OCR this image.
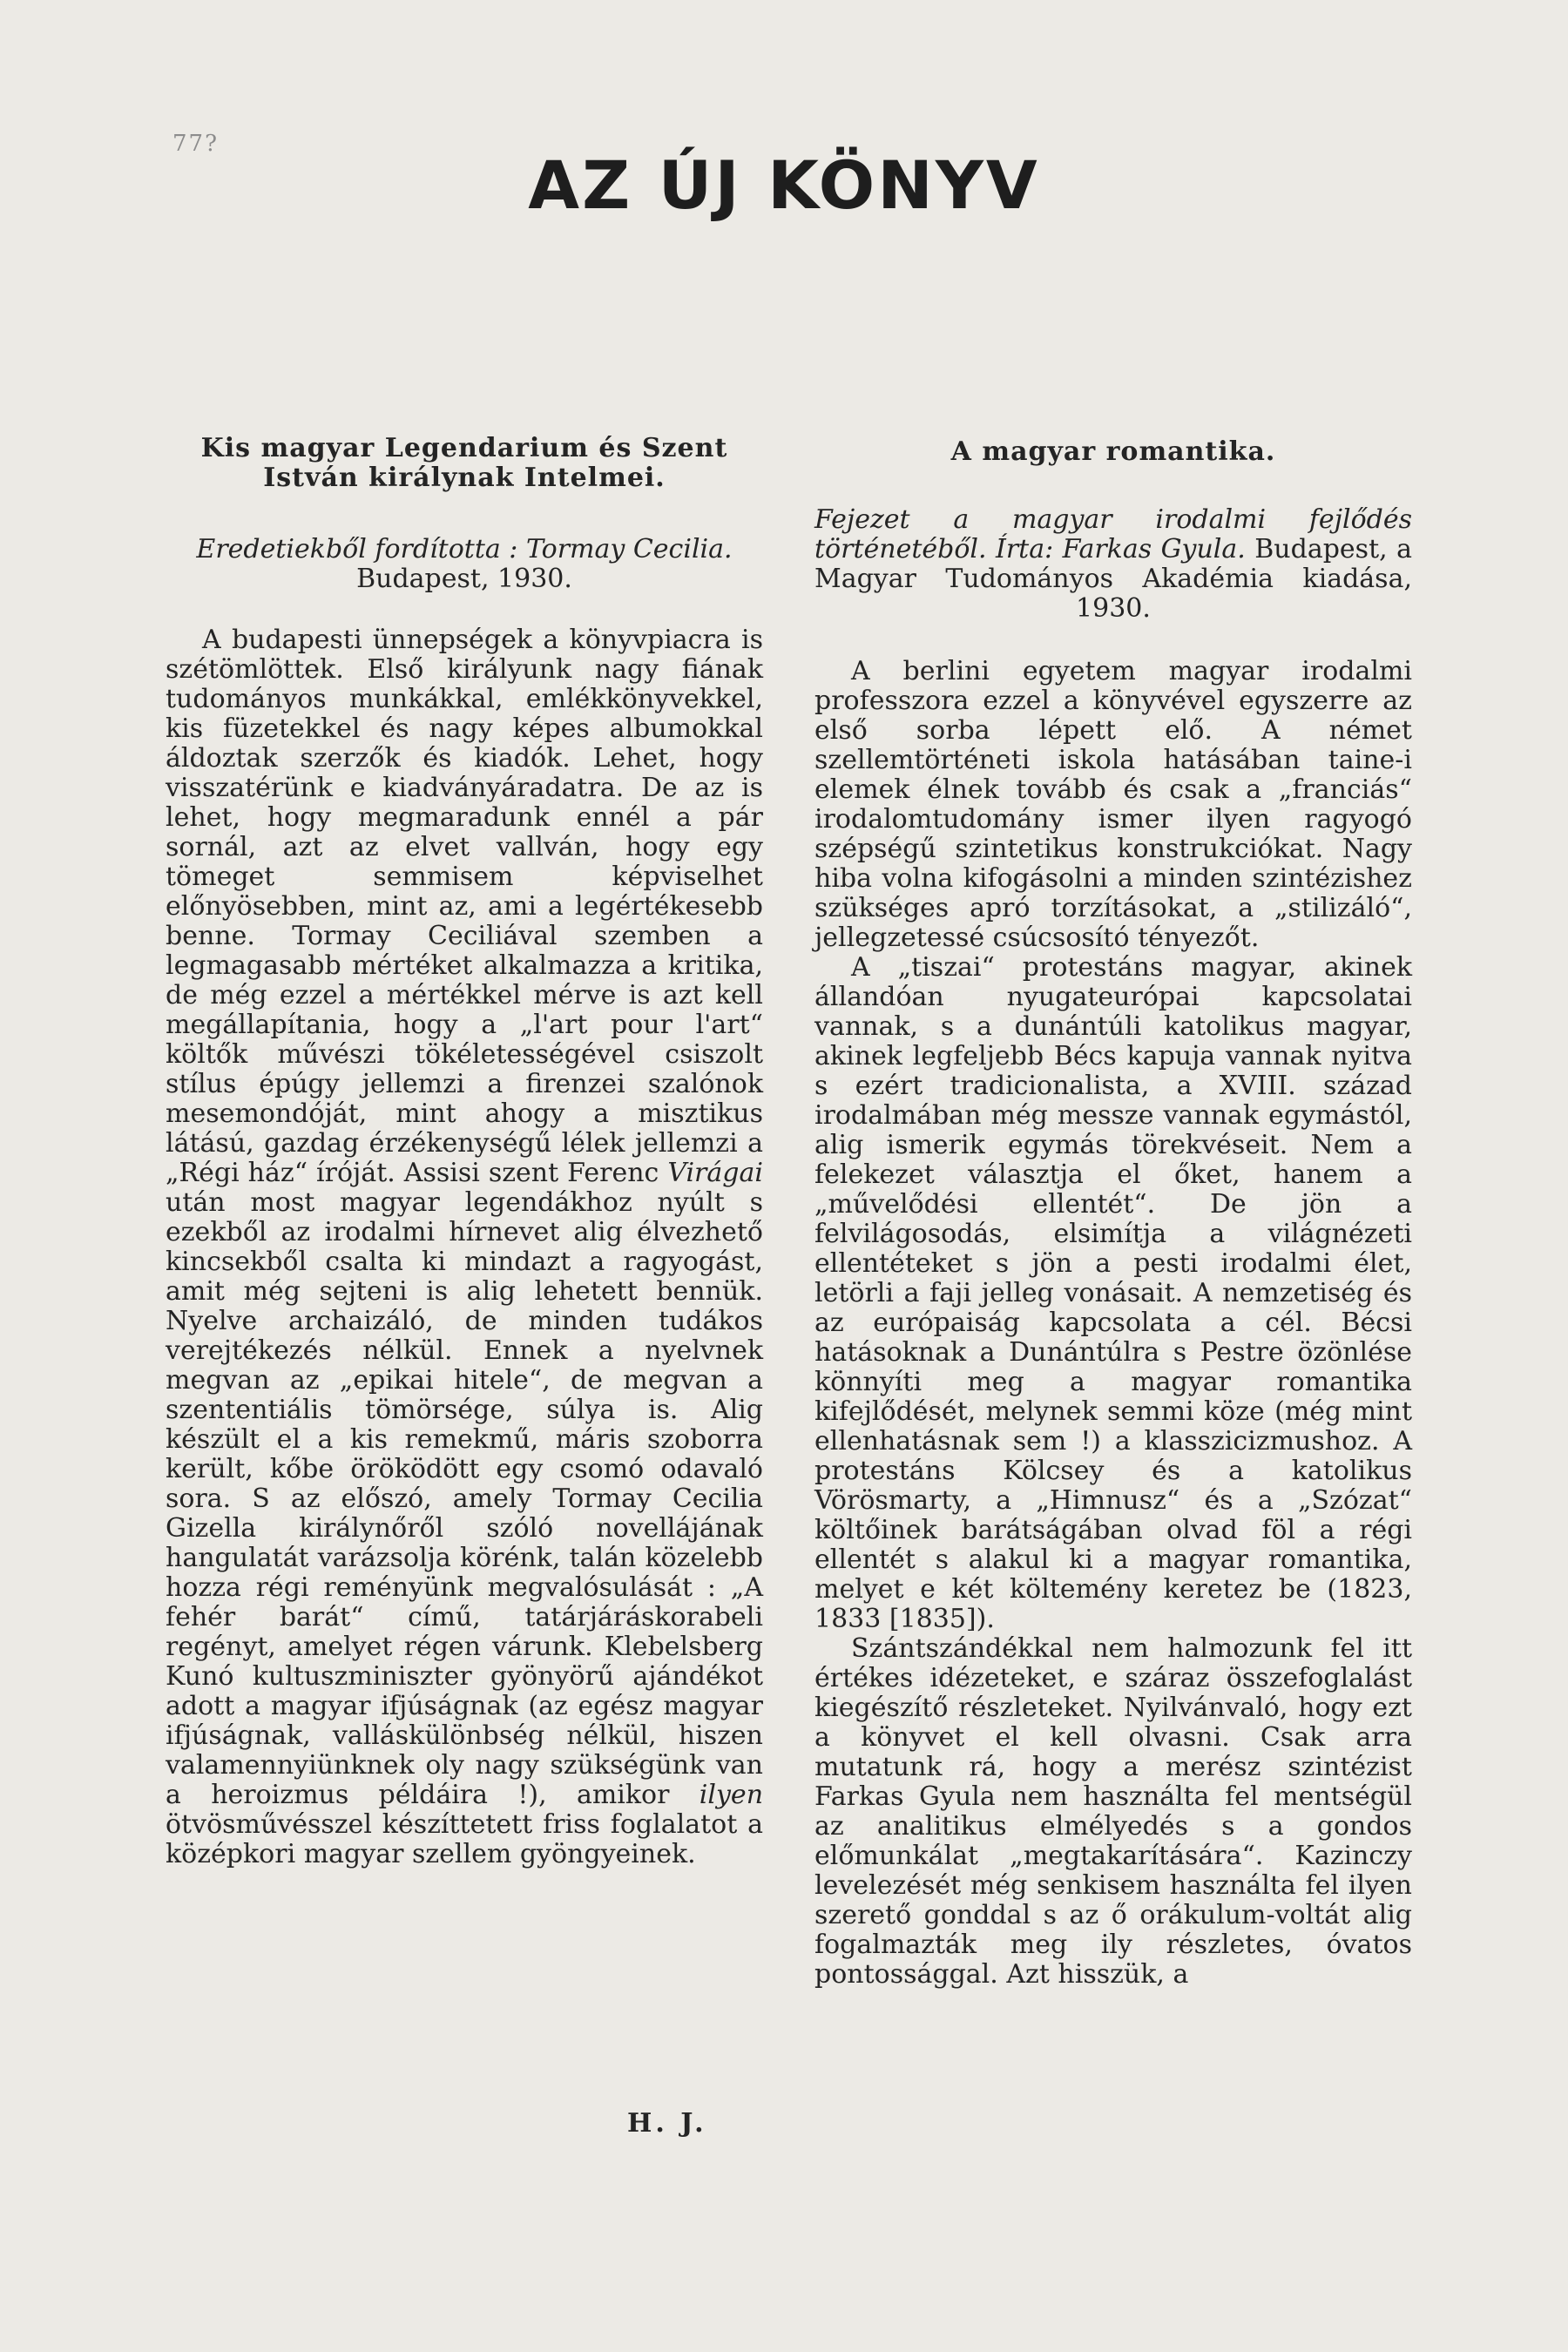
77?
AZ ÚJ KÖNYV
Kis magyar Legendarium és Szent
István királynak Intelmei.
Eredetiekből fordította : Tormay Cecilia.
Budapest, 1930.

A budapesti ünnepségek a könyvpiacra is szétömlöttek. Első királyunk nagy fiának tudományos munkákkal, emlékkönyvekkel, kis füzetekkel és nagy képes albumokkal áldoztak szerzők és kiadók. Lehet, hogy visszatérünk e kiadványáradatra. De az is lehet, hogy megmaradunk ennél a pár sornál, azt az elvet vallván, hogy egy tömeget semmisem képviselhet előnyösebben, mint az, ami a legértékesebb benne. Tormay Ceciliával szemben a legmagasabb mértéket alkalmazza a kritika, de még ezzel a mértékkel mérve is azt kell megállapítania, hogy a „l'art pour l'art“ költők művészi tökéletességével csiszolt stílus épúgy jellemzi a firenzei szalónok mesemondóját, mint ahogy a misztikus látású, gazdag érzékenységű lélek jellemzi a „Régi ház“ íróját. Assisi szent Ferenc Virágai után most magyar legendákhoz nyúlt s ezekből az irodalmi hírnevet alig élvezhető kincsekből csalta ki mindazt a ragyogást, amit még sejteni is alig lehetett bennük. Nyelve archaizáló, de minden tudákos verejtékezés nélkül. Ennek a nyelvnek megvan az „epikai hitele“, de megvan a szententiális tömörsége, súlya is. Alig készült el a kis remekmű, máris szoborra került, kőbe öröködött egy csomó odavaló sora. S az előszó, amely Tormay Cecilia Gizella királynőről szóló novellájának hangulatát varázsolja körénk, talán közelebb hozza régi reményünk megvalósulását : „A fehér barát“ című, tatárjáráskorabeli regényt, amelyet régen várunk. Klebelsberg Kunó kultuszminiszter gyönyörű ajándékot adott a magyar ifjúságnak (az egész magyar ifjúságnak, valláskülönbség nélkül, hiszen valamennyiünknek oly nagy szükségünk van a heroizmus példáira !), amikor ilyen ötvösművésszel készíttetett friss foglalatot a középkori magyar szellem gyöngyeinek.

H. J.
A magyar romantika.
Fejezet a magyar irodalmi fejlődés történetéből. Írta: Farkas Gyula. Budapest, a Magyar Tudományos Akadémia kiadása, 1930.

A berlini egyetem magyar irodalmi professzora ezzel a könyvével egyszerre az első sorba lépett elő. A német szellemtörténeti iskola hatásában taine-i elemek élnek tovább és csak a „franciás“ irodalomtudomány ismer ilyen ragyogó szépségű szintetikus konstrukciókat. Nagy hiba volna kifogásolni a minden szintézishez szükséges apró torzításokat, a „stilizáló“, jellegzetessé csúcsosító tényezőt.

A „tiszai“ protestáns magyar, akinek állandóan nyugateurópai kapcsolatai vannak, s a dunántúli katolikus magyar, akinek legfeljebb Bécs kapuja vannak nyitva s ezért tradicionalista, a XVIII. század irodalmában még messze vannak egymástól, alig ismerik egymás törekvéseit. Nem a felekezet választja el őket, hanem a „művelődési ellentét“. De jön a felvilágosodás, elsimítja a világnézeti ellentéteket s jön a pesti irodalmi élet, letörli a faji jelleg vonásait. A nemzetiség és az európaiság kapcsolata a cél. Bécsi hatásoknak a Dunántúlra s Pestre özönlése könnyíti meg a magyar romantika kifejlődését, melynek semmi köze (még mint ellenhatásnak sem !) a klasszicizmushoz. A protestáns Kölcsey és a katolikus Vörösmarty, a „Himnusz“ és a „Szózat“ költőinek barátságában olvad föl a régi ellentét s alakul ki a magyar romantika, melyet e két költemény keretez be (1823, 1833 [1835]).

Szántszándékkal nem halmozunk fel itt értékes idézeteket, e száraz összefoglalást kiegészítő részleteket. Nyilvánvaló, hogy ezt a könyvet el kell olvasni. Csak arra mutatunk rá, hogy a merész szintézist Farkas Gyula nem használta fel mentségül az analitikus elmélyedés s a gondos előmunkálat „megtakarítására“. Kazinczy levelezését még senkisem használta fel ilyen szerető gonddal s az ő orákulum-voltát alig fogalmazták meg ily részletes, óvatos pontossággal. Azt hisszük, a
